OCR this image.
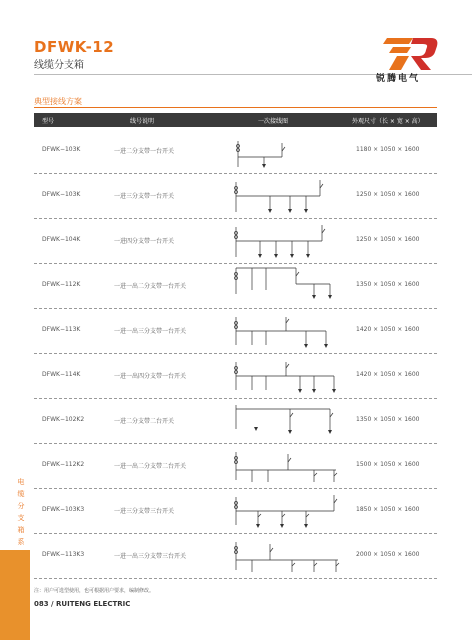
DFWK-12
线缆分支箱
锐腾电气
典型接线方案
型号	线号说明	一次接线图	外观尺寸（长 × 宽 × 高）
DFWK−103K	一进二分支带一台开关	1180 × 1050 × 1600
DFWK−103K	一进三分支带一台开关	1250 × 1050 × 1600
DFWK−104K	一进四分支带一台开关	1250 × 1050 × 1600
DFWK−112K	一进一出二分支带一台开关	1350 × 1050 × 1600
DFWK−113K	一进一出三分支带一台开关	1420 × 1050 × 1600
DFWK−114K	一进一出四分支带一台开关	1420 × 1050 × 1600
DFWK−102K2	一进二分支带二台开关	1350 × 1050 × 1600
DFWK−112K2	一进一出二分支带二台开关	1500 × 1050 × 1600
DFWK−103K3	一进三分支带三台开关	1850 × 1050 × 1600
DFWK−113K3	一进一出三分支带三台开关	2000 × 1050 × 1600
电缆分支箱系
注：用户可选型使用，也可根据用户要求，编制修改。
083 / RUITENG ELECTRIC
